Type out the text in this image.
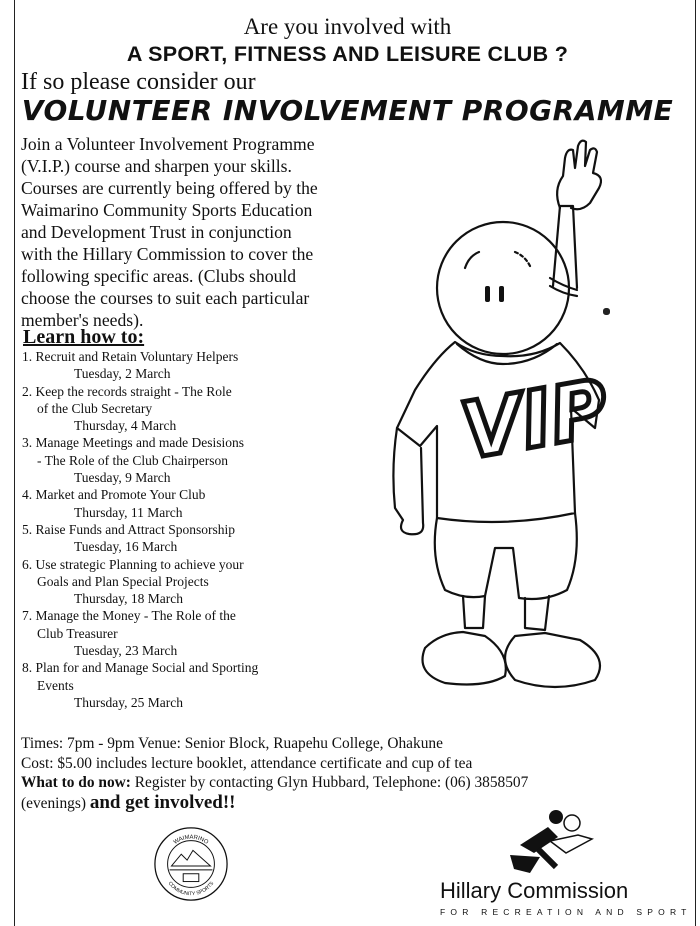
Are you involved with
A SPORT, FITNESS AND LEISURE CLUB ?
If so please consider our
VOLUNTEER INVOLVEMENT PROGRAMME
Join a Volunteer Involvement Programme
(V.I.P.) course and sharpen your skills.
Courses are currently being offered by the
Waimarino Community Sports Education
and Development Trust in conjunction
with the Hillary Commission to cover the
following specific areas. (Clubs should
choose the courses to suit each particular
member's needs).
Learn how to:
1. Recruit and Retain Voluntary Helpers
Tuesday, 2 March
2. Keep the records straight - The Role
of the Club Secretary
Thursday, 4 March
3. Manage Meetings and made Desisions
- The Role of the Club Chairperson
Tuesday, 9 March
4. Market and Promote Your Club
Thursday, 11 March
5. Raise Funds and Attract Sponsorship
Tuesday, 16 March
6. Use strategic Planning to achieve your
Goals and Plan Special Projects
Thursday, 18 March
7. Manage the Money - The Role of the
Club Treasurer
Tuesday, 23 March
8. Plan for and Manage Social and Sporting
Events
Thursday, 25 March
VIP
Times: 7pm - 9pm Venue: Senior Block, Ruapehu College, Ohakune
Cost: $5.00 includes lecture booklet, attendance certificate and cup of tea
What to do now: Register by contacting Glyn Hubbard, Telephone: (06) 3858507
(evenings) and get involved!!
WAIMARINO
COMMUNITY SPORTS	Hillary Commission
FOR RECREATION AND SPORT
